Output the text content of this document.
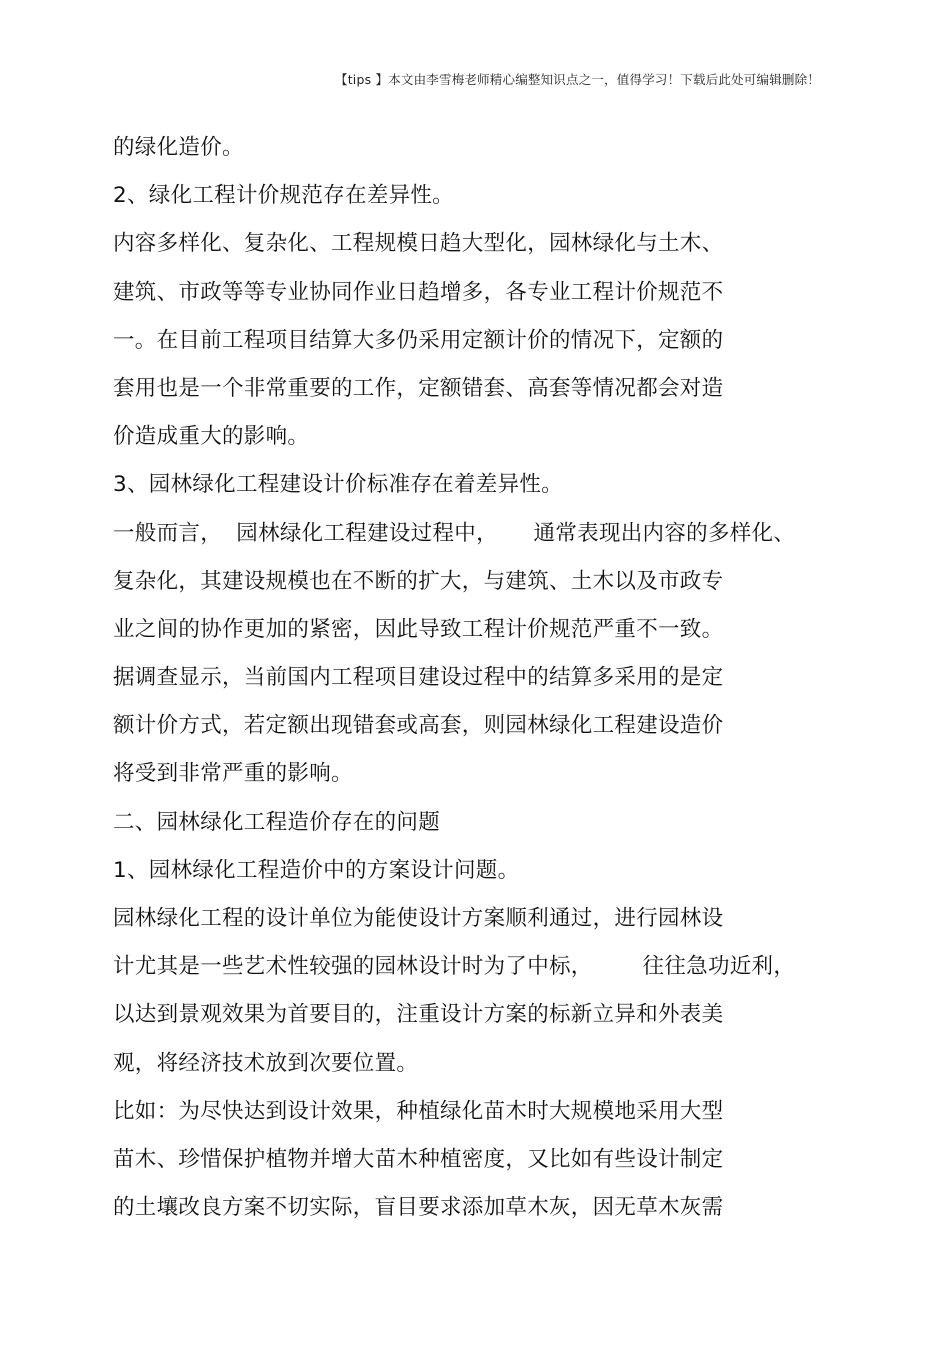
【tips 】本文由李雪梅老师精心编整知识点之一，值得学习！下载后此处可编辑删除！
的绿化造价。
2、绿化工程计价规范存在差异性。
内容多样化、复杂化、工程规模日趋大型化，园林绿化与土木、
建筑、市政等等专业协同作业日趋增多，各专业工程计价规范不
一。在目前工程项目结算大多仍采用定额计价的情况下，定额的
套用也是一个非常重要的工作，定额错套、高套等情况都会对造
价造成重大的影响。
3、园林绿化工程建设计价标准存在着差异性。
一般而言，  园林绿化工程建设过程中，     通常表现出内容的多样化、
复杂化，其建设规模也在不断的扩大，与建筑、土木以及市政专
业之间的协作更加的紧密，因此导致工程计价规范严重不一致。
据调查显示，当前国内工程项目建设过程中的结算多采用的是定
额计价方式，若定额出现错套或高套，则园林绿化工程建设造价
将受到非常严重的影响。
二、园林绿化工程造价存在的问题
1、园林绿化工程造价中的方案设计问题。
园林绿化工程的设计单位为能使设计方案顺利通过，进行园林设
计尤其是一些艺术性较强的园林设计时为了中标，       往往急功近利，
以达到景观效果为首要目的，注重设计方案的标新立异和外表美
观，将经济技术放到次要位置。
比如：为尽快达到设计效果，种植绿化苗木时大规模地采用大型
苗木、珍惜保护植物并增大苗木种植密度，又比如有些设计制定
的土壤改良方案不切实际，盲目要求添加草木灰，因无草木灰需
